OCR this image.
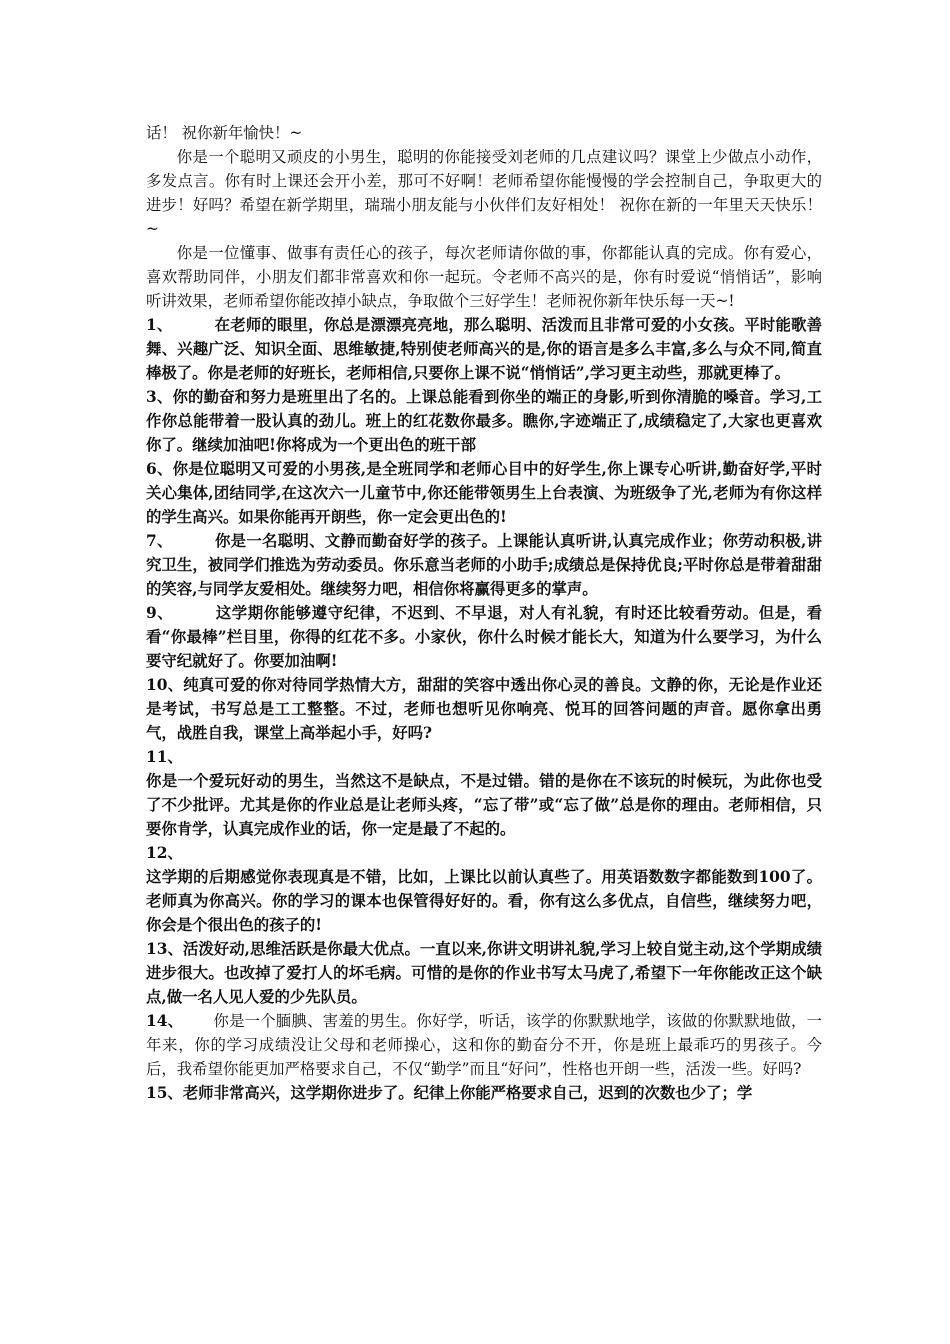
话！ 祝你新年愉快！~

你是一个聪明又顽皮的小男生，聪明的你能接受刘老师的几点建议吗？课堂上少做点小动作，多发点言。你有时上课还会开小差，那可不好啊！老师希望你能慢慢的学会控制自己，争取更大的进步！好吗？希望在新学期里，瑞瑞小朋友能与小伙伴们友好相处！ 祝你在新的一年里天天快乐！~

你是一位懂事、做事有责任心的孩子，每次老师请你做的事，你都能认真的完成。你有爱心，喜欢帮助同伴，小朋友们都非常喜欢和你一起玩。令老师不高兴的是，你有时爱说“悄悄话”，影响听讲效果，老师希望你能改掉小缺点，争取做个三好学生！老师祝你新年快乐每一天~!

1、	在老师的眼里，你总是漂漂亮亮地，那么聪明、活泼而且非常可爱的小女孩。平时能歌善舞、兴趣广泛、知识全面、思维敏捷,特别使老师高兴的是,你的语言是多么丰富,多么与众不同,简直棒极了。你是老师的好班长，老师相信,只要你上课不说“悄悄话”,学习更主动些，那就更棒了。

3、你的勤奋和努力是班里出了名的。上课总能看到你坐的端正的身影,听到你清脆的嗓音。学习,工作你总能带着一股认真的劲儿。班上的红花数你最多。瞧你,字迹端正了,成绩稳定了,大家也更喜欢你了。继续加油吧!你将成为一个更出色的班干部

6、你是位聪明又可爱的小男孩,是全班同学和老师心目中的好学生,你上课专心听讲,勤奋好学,平时关心集体,团结同学,在这次六一儿童节中,你还能带领男生上台表演、为班级争了光,老师为有你这样的学生高兴。如果你能再开朗些，你一定会更出色的!

7、	你是一名聪明、文静而勤奋好学的孩子。上课能认真听讲,认真完成作业；你劳动积极,讲究卫生，被同学们推选为劳动委员。你乐意当老师的小助手;成绩总是保持优良;平时你总是带着甜甜的笑容,与同学友爱相处。继续努力吧，相信你将赢得更多的掌声。

9、	这学期你能够遵守纪律，不迟到、不早退，对人有礼貌，有时还比较看劳动。但是，看看“你最棒”栏目里，你得的红花不多。小家伙，你什么时候才能长大，知道为什么要学习，为什么要守纪就好了。你要加油啊!

10、纯真可爱的你对待同学热情大方，甜甜的笑容中透出你心灵的善良。文静的你，无论是作业还是考试，书写总是工工整整。不过，老师也想听见你响亮、悦耳的回答问题的声音。愿你拿出勇气，战胜自我，课堂上高举起小手，好吗?

11、

你是一个爱玩好动的男生，当然这不是缺点，不是过错。错的是你在不该玩的时候玩，为此你也受了不少批评。尤其是你的作业总是让老师头疼，“忘了带”或“忘了做”总是你的理由。老师相信，只要你肯学，认真完成作业的话，你一定是最了不起的。

12、

这学期的后期感觉你表现真是不错，比如，上课比以前认真些了。用英语数数字都能数到100了。老师真为你高兴。你的学习的课本也保管得好好的。看，你有这么多优点，自信些，继续努力吧，你会是个很出色的孩子的!

13、活泼好动,思维活跃是你最大优点。一直以来,你讲文明讲礼貌,学习上较自觉主动,这个学期成绩进步很大。也改掉了爱打人的坏毛病。可惜的是你的作业书写太马虎了,希望下一年你能改正这个缺点,做一名人见人爱的少先队员。

14、 你是一个腼腆、害羞的男生。你好学，听话，该学的你默默地学，该做的你默默地做，一年来，你的学习成绩没让父母和老师操心，这和你的勤奋分不开，你是班上最乖巧的男孩子。今后，我希望你能更加严格要求自己，不仅“勤学”而且“好问”，性格也开朗一些，活泼一些。好吗?

15、老师非常高兴，这学期你进步了。纪律上你能严格要求自己，迟到的次数也少了；学
